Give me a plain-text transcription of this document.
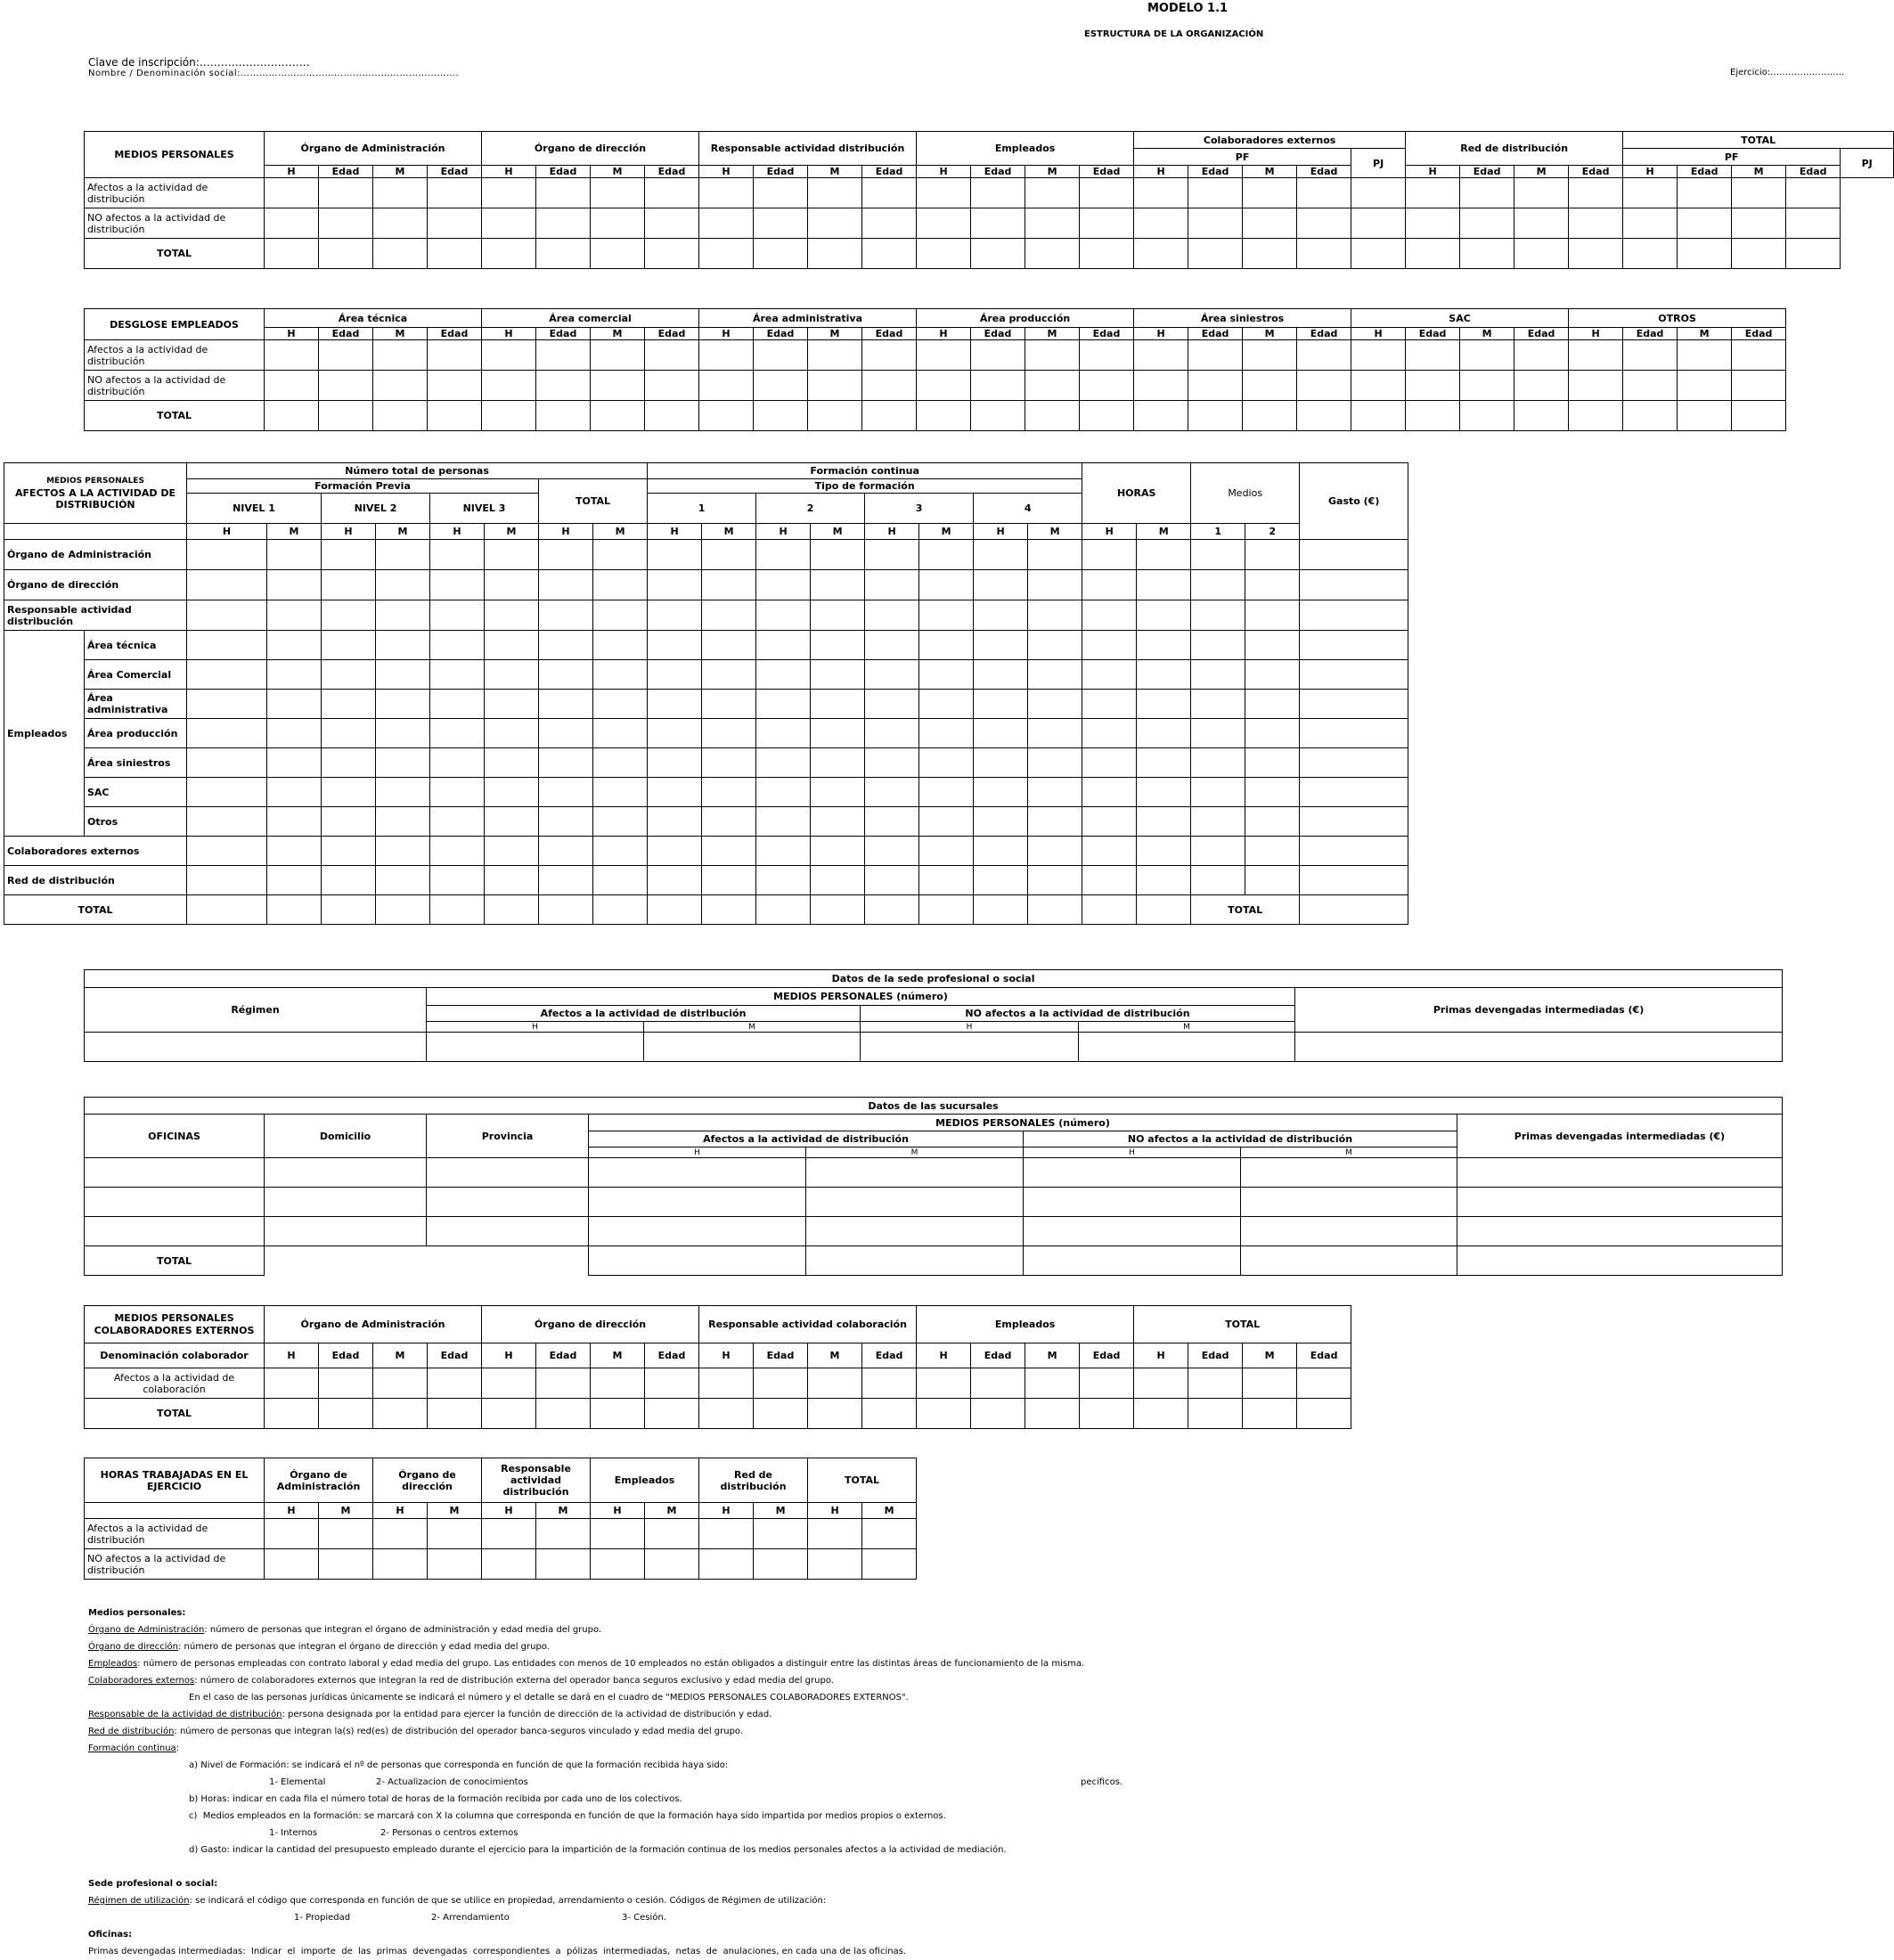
MODELO 1.1
ESTRUCTURA DE LA ORGANIZACIÓN
Clave de inscripción:………………………….
Nombre / Denominación social:…………………………………………………………….	Ejercicio:…………………….
MEDIOS PERSONALES	Órgano de Administración				Órgano de dirección				Responsable actividad distribución				Empleados				Colaboradores externos					Red de distribución				TOTAL				
																	PF				PJ					PF				PJ
	H	Edad	M	Edad	H	Edad	M	Edad	H	Edad	M	Edad	H	Edad	M	Edad	H	Edad	M	Edad		H	Edad	M	Edad	H	Edad	M	Edad	
Afectos a la actividad de distribución																														
NO afectos a la actividad de distribución																														
TOTAL																														
DESGLOSE EMPLEADOS	Área técnica				Área comercial				Área administrativa				Área producción				Área siniestros				SAC				OTROS			
	H	Edad	M	Edad	H	Edad	M	Edad	H	Edad	M	Edad	H	Edad	M	Edad	H	Edad	M	Edad	H	Edad	M	Edad	H	Edad	M	Edad
Afectos a la actividad de distribución																												
NO afectos a la actividad de distribución																												
TOTAL																												
MEDIOS PERSONALES
AFECTOS A LA ACTIVIDAD DE DISTRIBUCIÓN		Número total de personas								Formación continua								HORAS		Medios		Gasto (€)
		Formación Previa						TOTAL		Tipo de formación												
		NIVEL 1		NIVEL 2		NIVEL 3				1		2		3		4						
		H	M	H	M	H	M	H	M	H	M	H	M	H	M	H	M	H	M	1	2	
Órgano de Administración																						
Órgano de dirección																						
Responsable actividad distribución																						
Empleados	Área técnica																					
	Área Comercial																					
	Área administrativa																					
	Área producción																					
	Área siniestros																					
	SAC																					
	Otros																					
Colaboradores externos																						
Red de distribución																						
TOTAL																				TOTAL		
Datos de la sede profesional o social					
Régimen	MEDIOS PERSONALES (número)				Primas devengadas intermediadas (€)
	Afectos a la actividad de distribución		NO afectos a la actividad de distribución		
	H	M	H	M	

Datos de las sucursales							
OFICINAS	Domicilio	Provincia	MEDIOS PERSONALES (número)				Primas devengadas intermediadas (€)
			Afectos a la actividad de distribución		NO afectos a la actividad de distribución		
			H	M	H	M	

TOTAL							
MEDIOS PERSONALES COLABORADORES EXTERNOS	Órgano de Administración				Órgano de dirección				Responsable actividad colaboración				Empleados				TOTAL			
Denominación colaborador	H	Edad	M	Edad	H	Edad	M	Edad	H	Edad	M	Edad	H	Edad	M	Edad	H	Edad	M	Edad
Afectos a la actividad de colaboración																				
TOTAL																				
HORAS TRABAJADAS EN EL EJERCICIO	Órgano de Administración		Órgano de dirección		Responsable actividad distribución		Empleados		Red de distribución		TOTAL	
	H	M	H	M	H	M	H	M	H	M	H	M
Afectos a la actividad de distribución												
NO afectos a la actividad de distribución												

Medios personales:

Órgano de Administración: número de personas que integran el órgano de administración y edad media del grupo.

Órgano de dirección: número de personas que integran el órgano de dirección y edad media del grupo.

Empleados: número de personas empleadas con contrato laboral y edad media del grupo. Las entidades con menos de 10 empleados no están obligados a distinguir entre las distintas áreas de funcionamiento de la misma.

Colaboradores externos: número de colaboradores externos que integran la red de distribución externa del operador banca seguros exclusivo y edad media del grupo.

En el caso de las personas jurídicas únicamente se indicará el número y el detalle se dará en el cuadro de "MEDIOS PERSONALES COLABORADORES EXTERNOS".

Responsable de la actividad de distribución: persona designada por la entidad para ejercer la función de dirección de la actividad de distribución y edad.

Red de distribución: número de personas que integran la(s) red(es) de distribución del operador banca-seguros vinculado y edad media del grupo.

Formación continua:

a) Nivel de Formación: se indicará el nº de personas que corresponda en función de que la formación recibida haya sido:

1- Elemental	2- Actualizacion de conocimientos	pecificos.

b) Horas: indicar en cada fila el número total de horas de la formación recibida por cada uno de los colectivos.

c)  Medios empleados en la formación: se marcará con X la columna que corresponda en función de que la formación haya sido impartida por medios propios o externos.

1- Internos	2- Personas o centros externos

d) Gasto: indicar la cantidad del presupuesto empleado durante el ejercicio para la impartición de la formación continua de los medios personales afectos a la actividad de mediación.

Sede profesional o social:

Régimen de utilización: se indicará el código que corresponda en función de que se utilice en propiedad, arrendamiento o cesión. Códigos de Régimen de utilización:

1- Propiedad	2- Arrendamiento	3- Cesión.

Oficinas:

Primas devengadas intermediadas:  Indicar  el  importe  de  las  primas  devengadas  correspondientes  a  pólizas  intermediadas,  netas  de  anulaciones, en cada una de las oficinas.
